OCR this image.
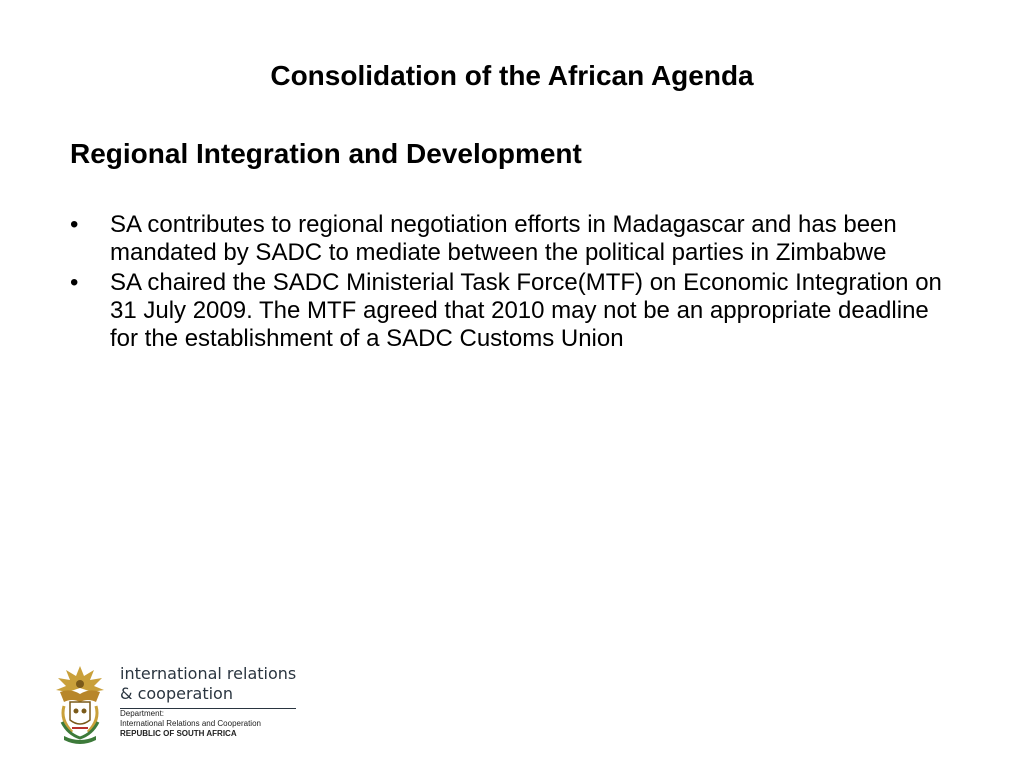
Consolidation of the African Agenda
Regional Integration and Development
•	SA contributes to regional negotiation efforts in Madagascar and has been mandated by SADC to mediate between the political parties in Zimbabwe
•	SA chaired the SADC Ministerial Task Force(MTF) on Economic Integration on 31 July 2009. The MTF agreed that 2010 may not be an appropriate deadline for the establishment of a SADC Customs Union
international relations
& cooperation
Department:
International Relations and Cooperation
REPUBLIC OF SOUTH AFRICA
